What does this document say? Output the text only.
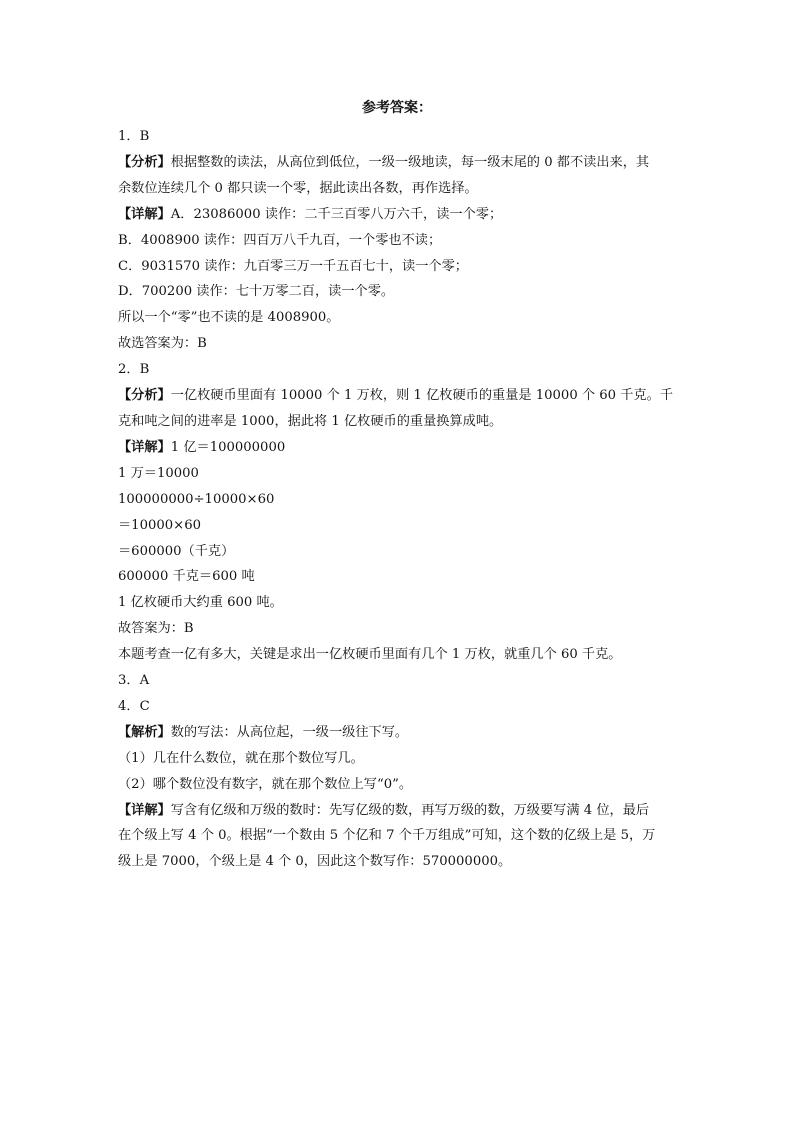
参考答案：
1．B
【分析】根据整数的读法，从高位到低位，一级一级地读，每一级末尾的 0 都不读出来，其
余数位连续几个 0 都只读一个零，据此读出各数，再作选择。
【详解】A．23086000 读作：二千三百零八万六千，读一个零；
B．4008900 读作：四百万八千九百，一个零也不读；
C．9031570 读作：九百零三万一千五百七十，读一个零；
D．700200 读作：七十万零二百，读一个零。
所以一个“零”也不读的是 4008900。
故选答案为：B
2．B
【分析】一亿枚硬币里面有 10000 个 1 万枚，则 1 亿枚硬币的重量是 10000 个 60 千克。千
克和吨之间的进率是 1000，据此将 1 亿枚硬币的重量换算成吨。
【详解】1 亿＝100000000
1 万＝10000
100000000÷10000×60
＝10000×60
＝600000（千克）
600000 千克＝600 吨
1 亿枚硬币大约重 600 吨。
故答案为：B
本题考查一亿有多大，关键是求出一亿枚硬币里面有几个 1 万枚，就重几个 60 千克。
3．A
4．C
【解析】数的写法：从高位起，一级一级往下写。
（1）几在什么数位，就在那个数位写几。
（2）哪个数位没有数字，就在那个数位上写“0”。
【详解】写含有亿级和万级的数时：先写亿级的数，再写万级的数，万级要写满 4 位，最后
在个级上写 4 个 0。根据“一个数由 5 个亿和 7 个千万组成”可知，这个数的亿级上是 5，万
级上是 7000，个级上是 4 个 0，因此这个数写作：570000000。
